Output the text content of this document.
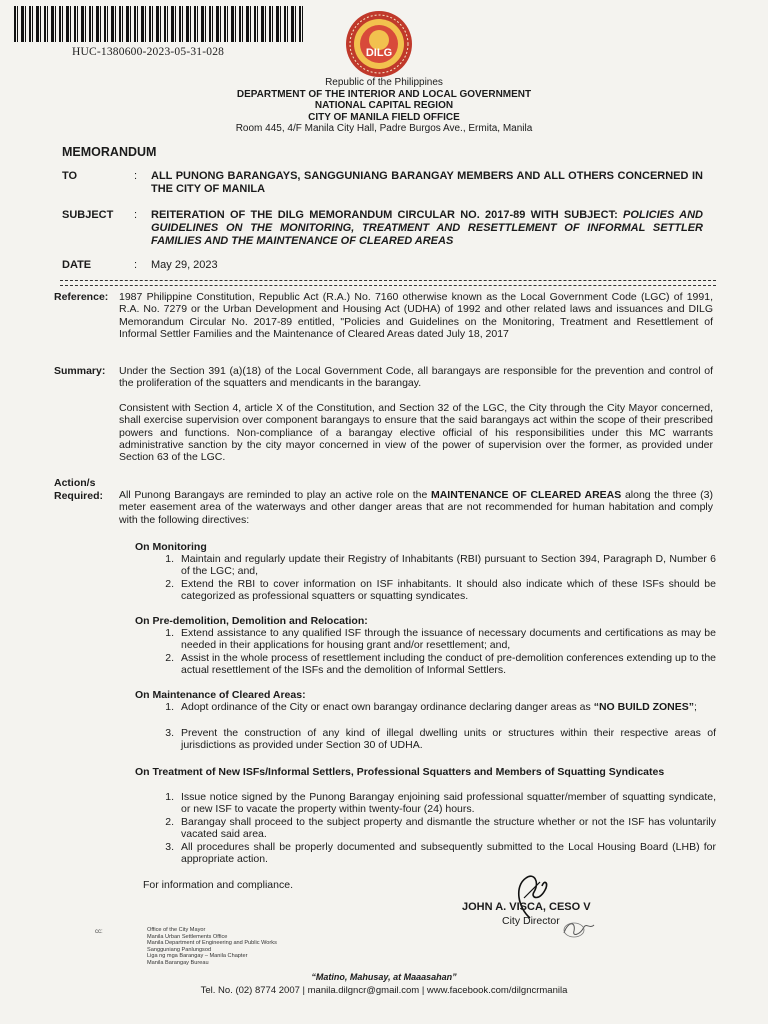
HUC-1380600-2023-05-31-028	DILG
Republic of the Philippines
DEPARTMENT OF THE INTERIOR AND LOCAL GOVERNMENT
NATIONAL CAPITAL REGION
CITY OF MANILA FIELD OFFICE
Room 445, 4/F Manila City Hall, Padre Burgos Ave., Ermita, Manila
MEMORANDUM
TO	: ALL PUNONG BARANGAYS, SANGGUNIANG BARANGAY MEMBERS AND ALL OTHERS CONCERNED IN THE CITY OF MANILA
SUBJECT : REITERATION OF THE DILG MEMORANDUM CIRCULAR NO. 2017-89 WITH SUBJECT: POLICIES AND GUIDELINES ON THE MONITORING, TREATMENT AND RESETTLEMENT OF INFORMAL SETTLER FAMILIES AND THE MAINTENANCE OF CLEARED AREAS
DATE	: May 29, 2023
Reference: 1987 Philippine Constitution, Republic Act (R.A.) No. 7160 otherwise known as the Local Government Code (LGC) of 1991, R.A. No. 7279 or the Urban Development and Housing Act (UDHA) of 1992 and other related laws and issuances and DILG Memorandum Circular No. 2017-89 entitled, "Policies and Guidelines on the Monitoring, Treatment and Resettlement of Informal Settler Families and the Maintenance of Cleared Areas dated July 18, 2017
Summary: Under the Section 391 (a)(18) of the Local Government Code, all barangays are responsible for the prevention and control of the proliferation of the squatters and mendicants in the barangay.
Consistent with Section 4, article X of the Constitution, and Section 32 of the LGC, the City through the City Mayor concerned, shall exercise supervision over component barangays to ensure that the said barangays act within the scope of their prescribed powers and functions. Non-compliance of a barangay elective official of his responsibilities under this MC warrants administrative sanction by the city mayor concerned in view of the power of supervision over the former, as provided under Section 63 of the LGC.
Action/s
Required: All Punong Barangays are reminded to play an active role on the MAINTENANCE OF CLEARED AREAS along the three (3) meter easement area of the waterways and other danger areas that are not recommended for human habitation and comply with the following directives:
On Monitoring
1. Maintain and regularly update their Registry of Inhabitants (RBI) pursuant to Section 394, Paragraph D, Number 6 of the LGC; and,
2. Extend the RBI to cover information on ISF inhabitants. It should also indicate which of these ISFs should be categorized as professional squatters or squatting syndicates.
On Pre-demolition, Demolition and Relocation:
1. Extend assistance to any qualified ISF through the issuance of necessary documents and certifications as may be needed in their applications for housing grant and/or resettlement; and,
2. Assist in the whole process of resettlement including the conduct of pre-demolition conferences extending up to the actual resettlement of the ISFs and the demolition of Informal Settlers.
On Maintenance of Cleared Areas:
1. Adopt ordinance of the City or enact own barangay ordinance declaring danger areas as “NO BUILD ZONES”;
3. Prevent the construction of any kind of illegal dwelling units or structures within their respective areas of jurisdictions as provided under Section 30 of UDHA.
On Treatment of New ISFs/Informal Settlers, Professional Squatters and Members of Squatting Syndicates
1. Issue notice signed by the Punong Barangay enjoining said professional squatter/member of squatting syndicate, or new ISF to vacate the property within twenty-four (24) hours.
2. Barangay shall proceed to the subject property and dismantle the structure whether or not the ISF has voluntarily vacated said area.
3. All procedures shall be properly documented and subsequently submitted to the Local Housing Board (LHB) for appropriate action.
For information and compliance.
JOHN A. VISCA, CESO V
City Director
cc:	Office of the City Mayor
Manila Urban Settlements Office
Manila Department of Engineering and Public Works
Sangguniang Panlungsod
Liga ng mga Barangay – Manila Chapter
Manila Barangay Bureau
“Matino, Mahusay, at Maaasahan”
Tel. No. (02) 8774 2007 | manila.dilgncr@gmail.com | www.facebook.com/dilgncrmanila
